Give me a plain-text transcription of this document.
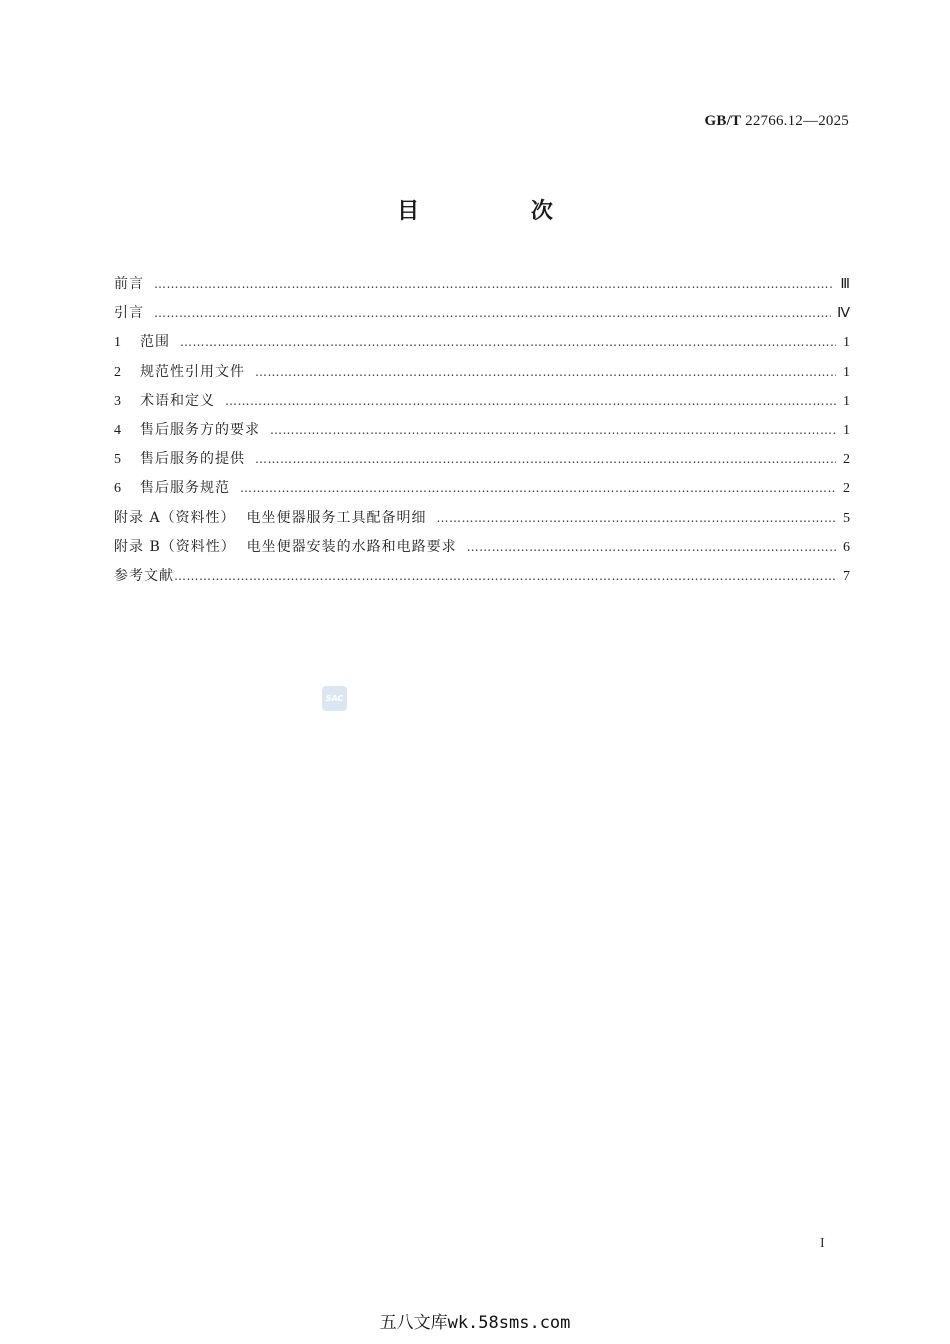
GB/T 22766.12—2025
目 次
前言 …………………………………………………………………………………………………………………………………………………………………………………………………………………………………………	Ⅲ
引言 …………………………………………………………………………………………………………………………………………………………………………………………………………………………………………	Ⅳ
1	范围 …………………………………………………………………………………………………………………………………………………………………………………………………………………………………………	1
2	规范性引用文件 …………………………………………………………………………………………………………………………………………………………………………………………………………………………………………	1
3	术语和定义 …………………………………………………………………………………………………………………………………………………………………………………………………………………………………………	1
4	售后服务方的要求 …………………………………………………………………………………………………………………………………………………………………………………………………………………………………………	1
5	售后服务的提供 …………………………………………………………………………………………………………………………………………………………………………………………………………………………………………	2
6	售后服务规范 …………………………………………………………………………………………………………………………………………………………………………………………………………………………………………	2
附录 A（资料性）  电坐便器服务工具配备明细 …………………………………………………………………………………………………………………………………………………………………………………………………………………………………………	5
附录 B（资料性）  电坐便器安装的水路和电路要求 …………………………………………………………………………………………………………………………………………………………………………………………………………………………………………	6
参考文献 …………………………………………………………………………………………………………………………………………………………………………………………………………………………………………	7
SAC
I
五八文库wk.58sms.com
